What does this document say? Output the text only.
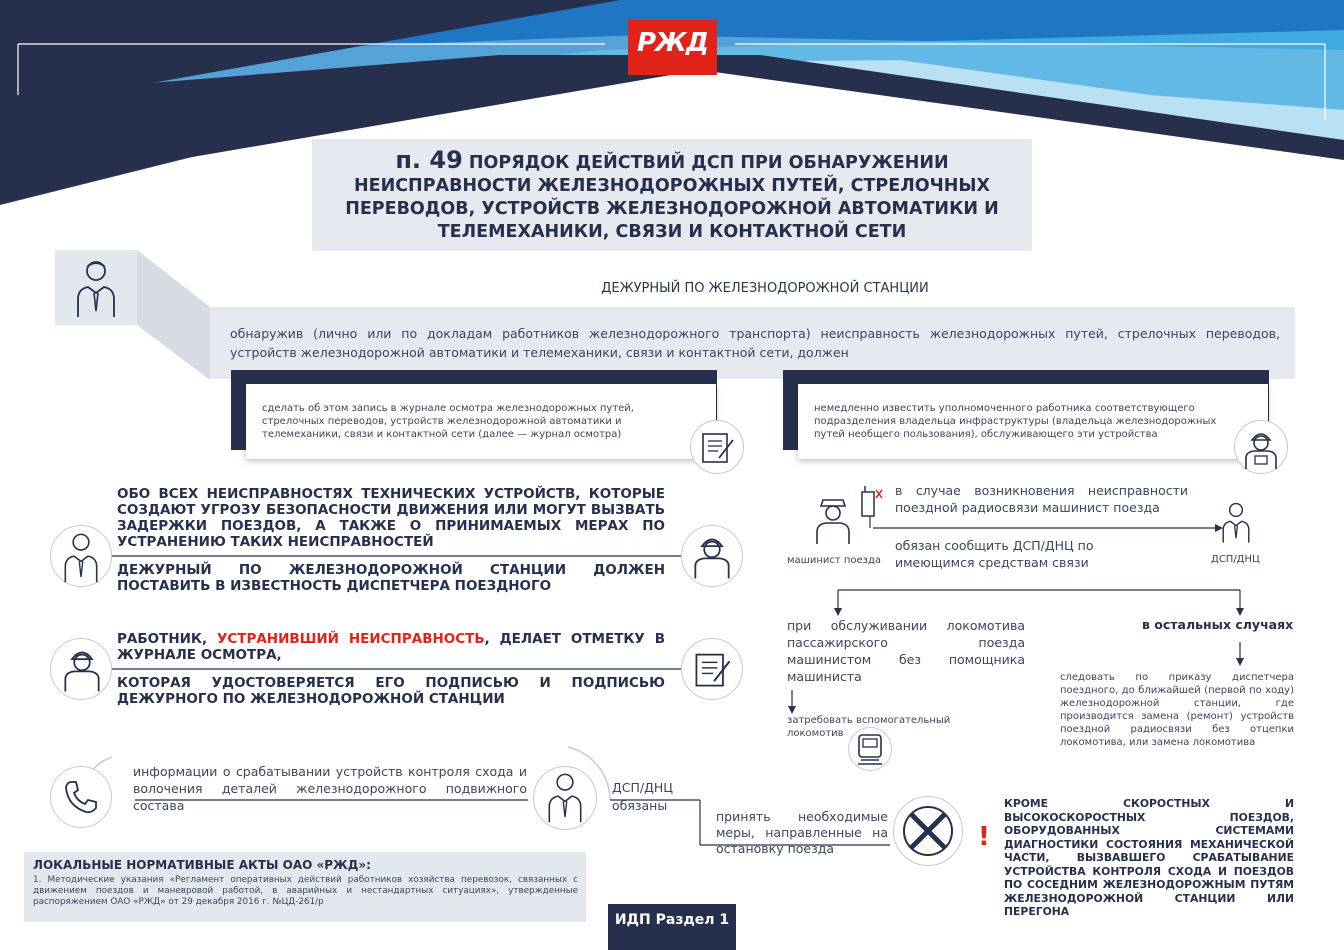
РЖД
п. 49 ПОРЯДОК ДЕЙСТВИЙ ДСП ПРИ ОБНАРУЖЕНИИ НЕИСПРАВНОСТИ ЖЕЛЕЗНОДОРОЖНЫХ ПУТЕЙ, СТРЕЛОЧНЫХ ПЕРЕВОДОВ, УСТРОЙСТВ ЖЕЛЕЗНОДОРОЖНОЙ АВТОМАТИКИ И ТЕЛЕМЕХАНИКИ, СВЯЗИ И КОНТАКТНОЙ СЕТИ
ДЕЖУРНЫЙ ПО ЖЕЛЕЗНОДОРОЖНОЙ СТАНЦИИ
обнаружив (лично или по докладам работников железнодорожного транспорта) неисправность железнодорожных путей, стрелочных переводов, устройств железнодорожной автоматики и телемеханики, связи и контактной сети, должен
сделать об этом запись в журнале осмотра железнодорожных путей, стрелочных переводов, устройств железнодорожной автоматики и телемеханики, связи и контактной сети (далее — журнал осмотра)
немедленно известить уполномоченного работника соответствующего подразделения владельца инфраструктуры (владельца железнодорожных путей необщего пользования), обслуживающего эти устройства
ОБО ВСЕХ НЕИСПРАВНОСТЯХ ТЕХНИЧЕСКИХ УСТРОЙСТВ, КОТОРЫЕ СОЗДАЮТ УГРОЗУ БЕЗОПАСНОСТИ ДВИЖЕНИЯ ИЛИ МОГУТ ВЫЗВАТЬ ЗАДЕРЖКИ ПОЕЗДОВ, А ТАКЖЕ О ПРИНИМАЕМЫХ МЕРАХ ПО УСТРАНЕНИЮ ТАКИХ НЕИСПРАВНОСТЕЙ
ДЕЖУРНЫЙ ПО ЖЕЛЕЗНОДОРОЖНОЙ СТАНЦИИ ДОЛЖЕН ПОСТАВИТЬ В ИЗВЕСТНОСТЬ ДИСПЕТЧЕРА ПОЕЗДНОГО
РАБОТНИК, УСТРАНИВШИЙ НЕИСПРАВНОСТЬ, ДЕЛАЕТ ОТМЕТКУ В ЖУРНАЛЕ ОСМОТРА,
КОТОРАЯ УДОСТОВЕРЯЕТСЯ ЕГО ПОДПИСЬЮ И ПОДПИСЬЮ ДЕЖУРНОГО ПО ЖЕЛЕЗНОДОРОЖНОЙ СТАНЦИИ
информации о срабатывании устройств контроля схода и волочения деталей железнодорожного подвижного состава
ДСП/ДНЦ
обязаны
принять необходимые меры, направленные на остановку поезда	!
КРОМЕ СКОРОСТНЫХ И ВЫСОКОСКОРОСТНЫХ ПОЕЗДОВ, ОБОРУДОВАННЫХ СИСТЕМАМИ ДИАГНОСТИКИ СОСТОЯНИЯ МЕХАНИЧЕСКОЙ ЧАСТИ, ВЫЗВАВШЕГО СРАБАТЫВАНИЕ УСТРОЙСТВА КОНТРОЛЯ СХОДА И ПОЕЗДОВ ПО СОСЕДНИМ ЖЕЛЕЗНОДОРОЖНЫМ ПУТЯМ ЖЕЛЕЗНОДОРОЖНОЙ СТАНЦИИ ИЛИ ПЕРЕГОНА
в случае возникновения неисправности поездной радиосвязи машинист поезда
машинист поезда	ДСП/ДНЦ
обязан сообщить ДСП/ДНЦ по имеющимся средствам связи
при обслуживании локомотива пассажирского поезда машинистом без помощника машиниста
затребовать вспомогательный локомотив
в остальных случаях
следовать по приказу диспетчера поездного, до ближайшей (первой по ходу) железнодорожной станции, где производится замена (ремонт) устройств поездной радиосвязи без отцепки локомотива, или замена локомотива
ЛОКАЛЬНЫЕ НОРМАТИВНЫЕ АКТЫ ОАО «РЖД»:
1. Методические указания «Регламент оперативных действий работников хозяйства перевозок, связанных с движением поездов и маневровой работой, в аварийных и нестандартных ситуациях», утвержденные распоряжением ОАО «РЖД» от 29 декабря 2016 г. №ЦД-261/р
ИДП Раздел 1
